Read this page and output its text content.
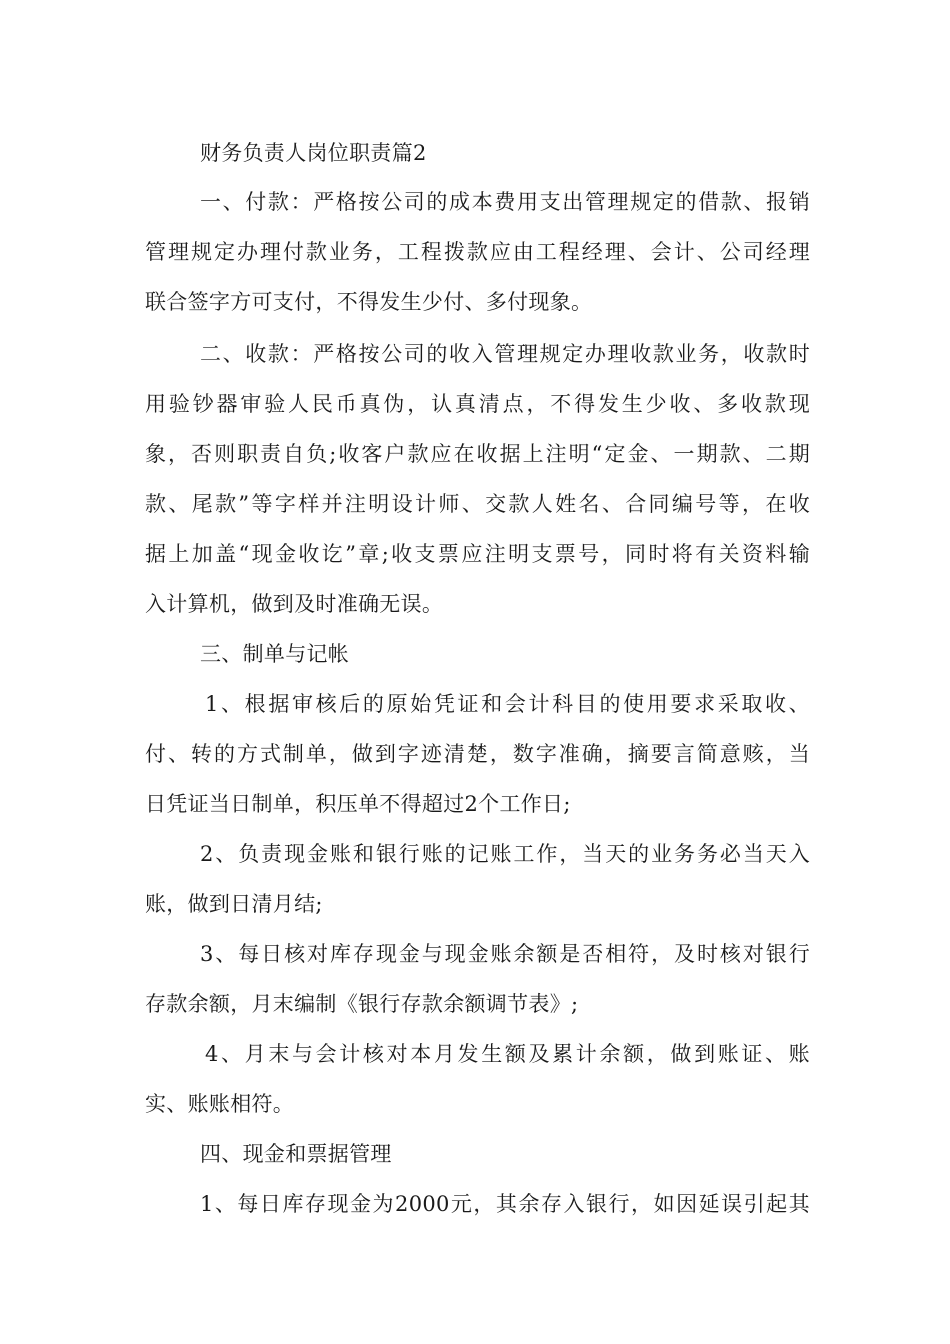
财务负责人岗位职责篇2
一、付款：严格按公司的成本费用支出管理规定的借款、报销
管理规定办理付款业务，工程拨款应由工程经理、会计、公司经理
联合签字方可支付，不得发生少付、多付现象。
二、收款：严格按公司的收入管理规定办理收款业务，收款时
用验钞器审验人民币真伪，认真清点，不得发生少收、多收款现
象，否则职责自负;收客户款应在收据上注明“定金、一期款、二期
款、尾款”等字样并注明设计师、交款人姓名、合同编号等，在收
据上加盖“现金收讫”章;收支票应注明支票号，同时将有关资料输
入计算机，做到及时准确无误。
三、制单与记帐
1、根据审核后的原始凭证和会计科目的使用要求采取收、
付、转的方式制单，做到字迹清楚，数字准确，摘要言简意赅，当
日凭证当日制单，积压单不得超过2个工作日;
2、负责现金账和银行账的记账工作，当天的业务务必当天入
账，做到日清月结;
3、每日核对库存现金与现金账余额是否相符，及时核对银行
存款余额，月末编制《银行存款余额调节表》;
4、月末与会计核对本月发生额及累计余额，做到账证、账
实、账账相符。
四、现金和票据管理
1、每日库存现金为2000元，其余存入银行，如因延误引起其
